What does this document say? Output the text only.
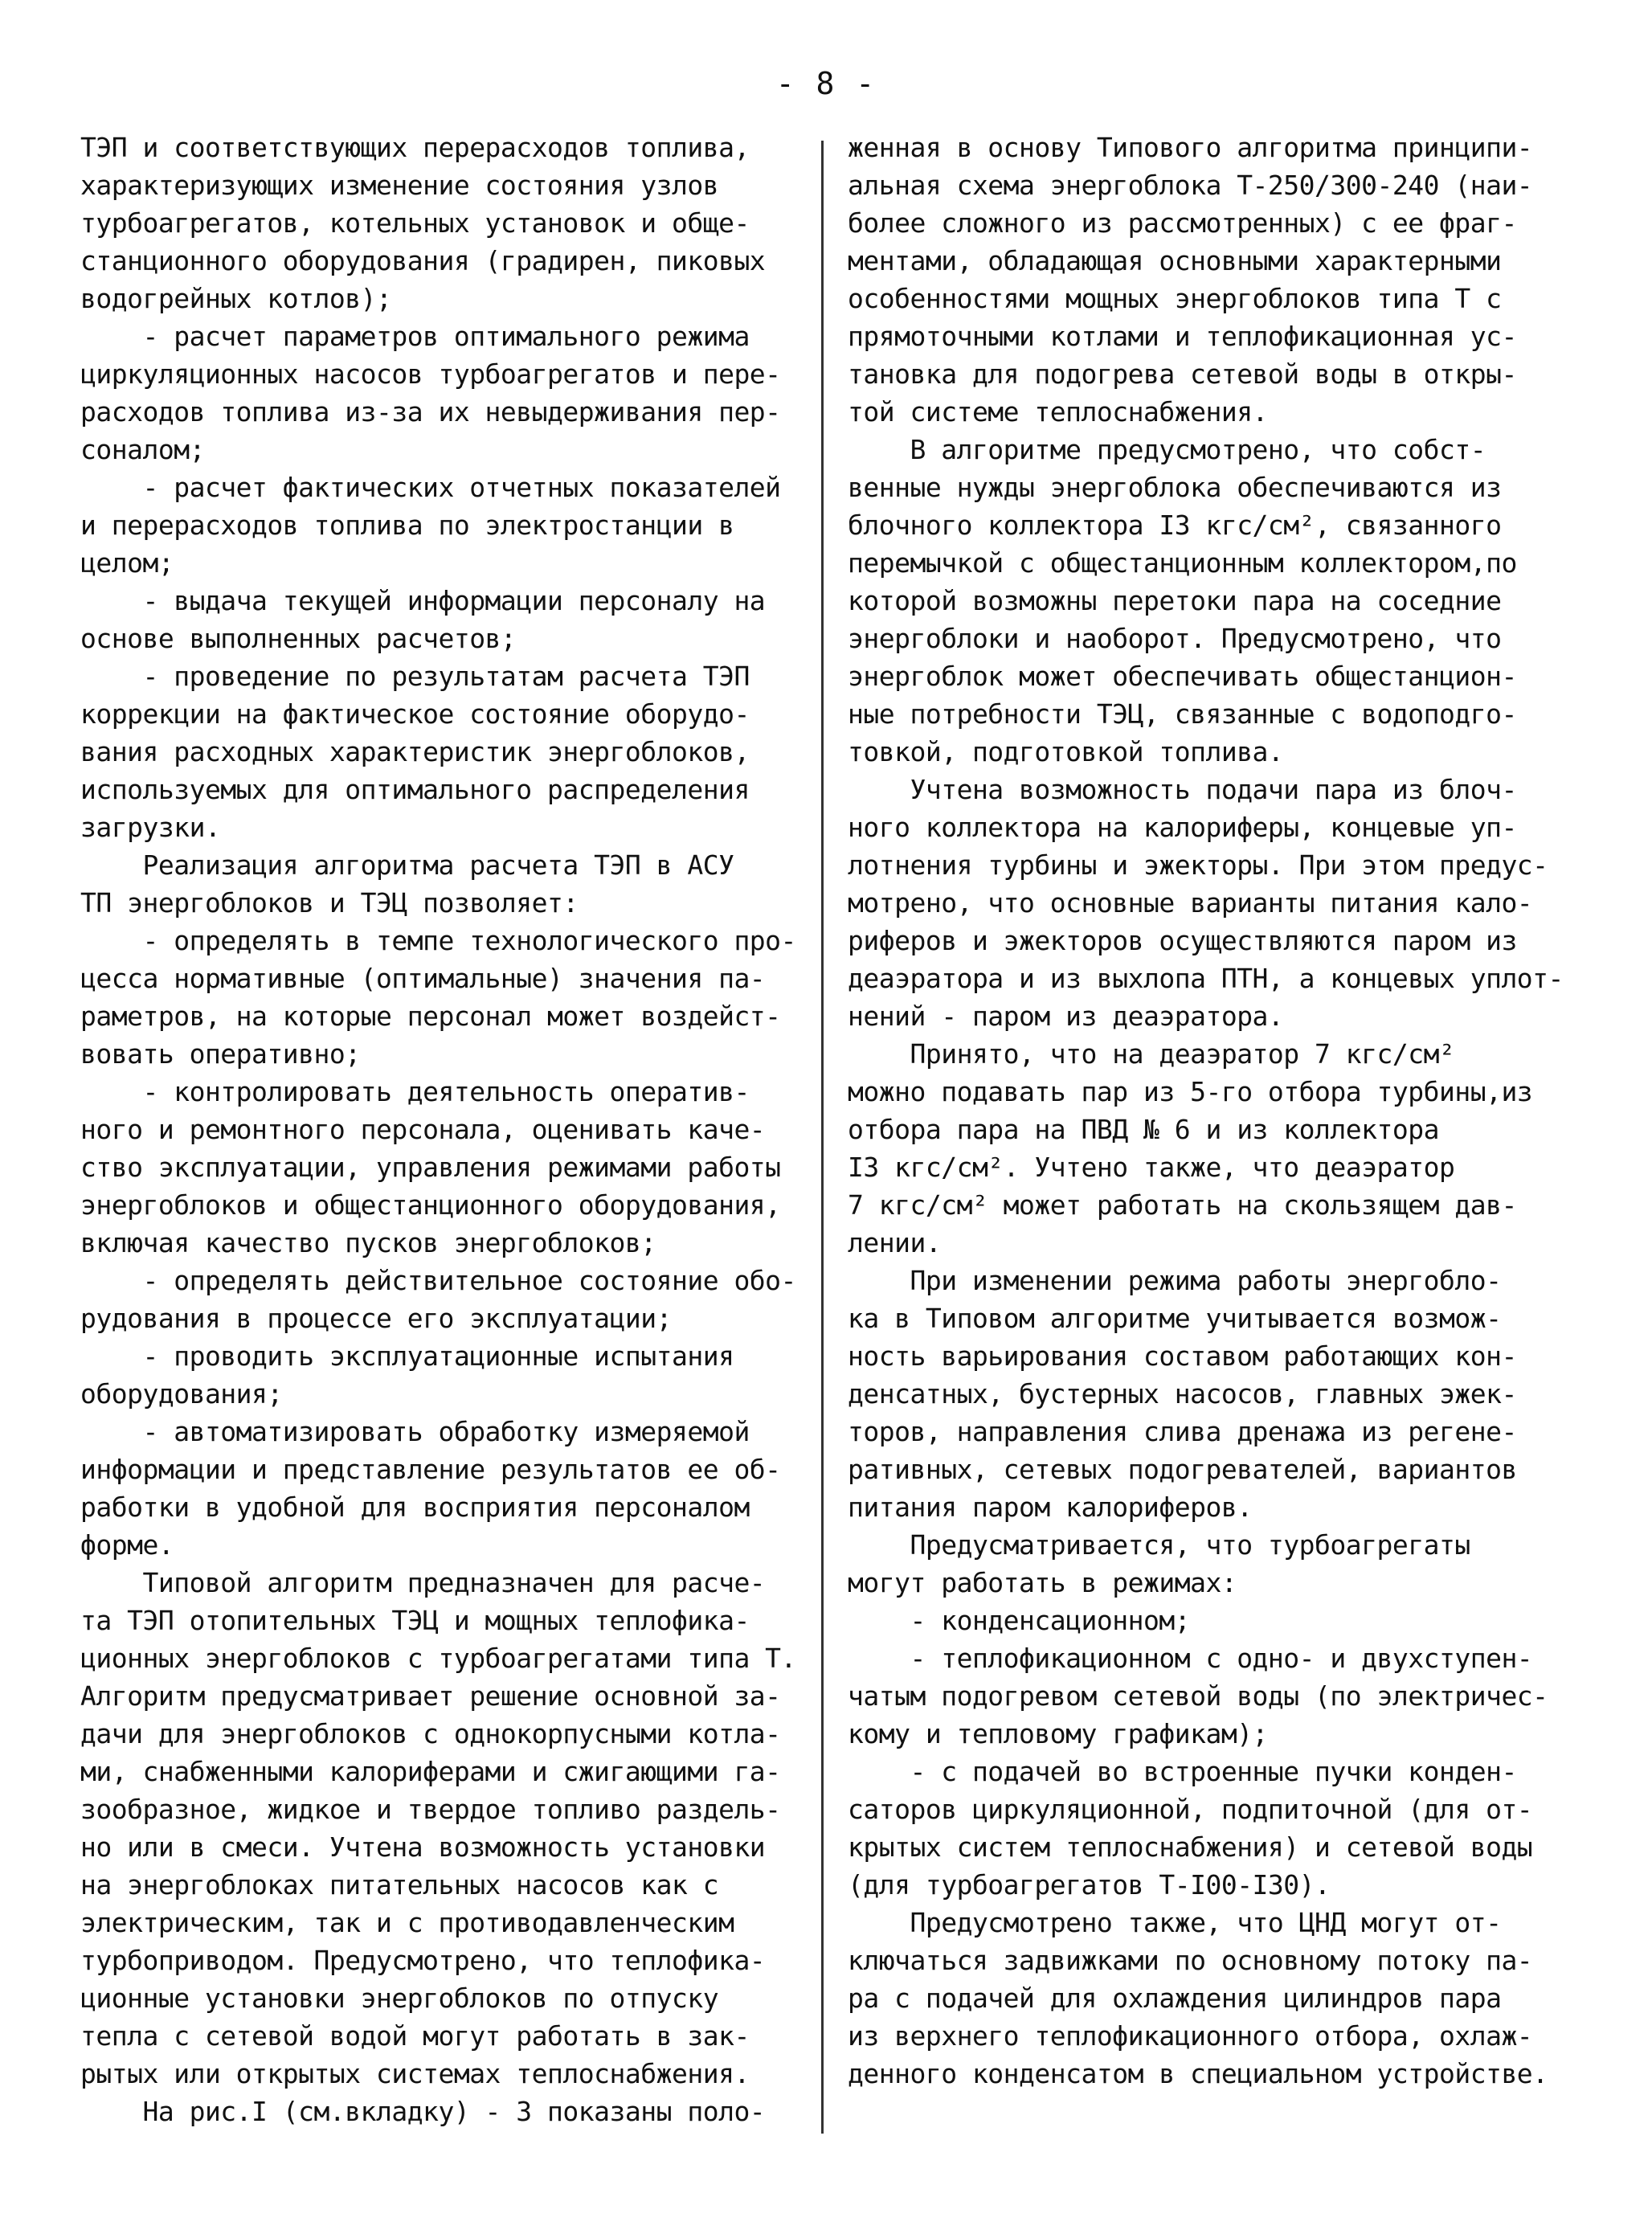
- 8 -
ТЭП и соответствующих перерасходов топлива,
характеризующих изменение состояния узлов
турбоагрегатов, котельных установок и обще-
станционного оборудования (градирен, пиковых
водогрейных котлов);
- расчет параметров оптимального режима
циркуляционных насосов турбоагрегатов и пере-
расходов топлива из-за их невыдерживания пер-
соналом;
- расчет фактических отчетных показателей
и перерасходов топлива по электростанции в
целом;
- выдача текущей информации персоналу на
основе выполненных расчетов;
- проведение по результатам расчета ТЭП
коррекции на фактическое состояние оборудо-
вания расходных характеристик энергоблоков,
используемых для оптимального распределения
загрузки.
Реализация алгоритма расчета ТЭП в АСУ
ТП энергоблоков и ТЭЦ позволяет:
- определять в темпе технологического про-
цесса нормативные (оптимальные) значения па-
раметров, на которые персонал может воздейст-
вовать оперативно;
- контролировать деятельность оператив-
ного и ремонтного персонала, оценивать каче-
ство эксплуатации, управления режимами работы
энергоблоков и общестанционного оборудования,
включая качество пусков энергоблоков;
- определять действительное состояние обо-
рудования в процессе его эксплуатации;
- проводить эксплуатационные испытания
оборудования;
- автоматизировать обработку измеряемой
информации и представление результатов ее об-
работки в удобной для восприятия персоналом
форме.
Типовой алгоритм предназначен для расче-
та ТЭП отопительных ТЭЦ и мощных теплофика-
ционных энергоблоков с турбоагрегатами типа Т.
Алгоритм предусматривает решение основной за-
дачи для энергоблоков с однокорпусными котла-
ми, снабженными калориферами и сжигающими га-
зообразное, жидкое и твердое топливо раздель-
но или в смеси. Учтена возможность установки
на энергоблоках питательных насосов как с
электрическим, так и с противодавленческим
турбоприводом. Предусмотрено, что теплофика-
ционные установки энергоблоков по отпуску
тепла с сетевой водой могут работать в зак-
рытых или открытых системах теплоснабжения.
На рис.I (см.вкладку) - 3 показаны поло-
женная в основу Типового алгоритма принципи-
альная схема энергоблока Т-250/300-240 (наи-
более сложного из рассмотренных) с ее фраг-
ментами, обладающая основными характерными
особенностями мощных энергоблоков типа Т с
прямоточными котлами и теплофикационная ус-
тановка для подогрева сетевой воды в откры-
той системе теплоснабжения.
В алгоритме предусмотрено, что собст-
венные нужды энергоблока обеспечиваются из
блочного коллектора I3 кгс/см², связанного
перемычкой с общестанционным коллектором,по
которой возможны перетоки пара на соседние
энергоблоки и наоборот. Предусмотрено, что
энергоблок может обеспечивать общестанцион-
ные потребности ТЭЦ, связанные с водоподго-
товкой, подготовкой топлива.
Учтена возможность подачи пара из блоч-
ного коллектора на калориферы, концевые уп-
лотнения турбины и эжекторы. При этом предус-
мотрено, что основные варианты питания кало-
риферов и эжекторов осуществляются паром из
деаэратора и из выхлопа ПТН, а концевых уплот-
нений - паром из деаэратора.
Принято, что на деаэратор 7 кгс/см²
можно подавать пар из 5-го отбора турбины,из
отбора пара на ПВД № 6 и из коллектора
I3 кгс/см². Учтено также, что деаэратор
7 кгс/см² может работать на скользящем дав-
лении.
При изменении режима работы энергобло-
ка в Типовом алгоритме учитывается возмож-
ность варьирования составом работающих кон-
денсатных, бустерных насосов, главных эжек-
торов, направления слива дренажа из регене-
ративных, сетевых подогревателей, вариантов
питания паром калориферов.
Предусматривается, что турбоагрегаты
могут работать в режимах:
- конденсационном;
- теплофикационном с одно- и двухступен-
чатым подогревом сетевой воды (по электричес-
кому и тепловому графикам);
- с подачей во встроенные пучки конден-
саторов циркуляционной, подпиточной (для от-
крытых систем теплоснабжения) и сетевой воды
(для турбоагрегатов Т-I00-I30).
Предусмотрено также, что ЦНД могут от-
ключаться задвижками по основному потоку па-
ра с подачей для охлаждения цилиндров пара
из верхнего теплофикационного отбора, охлаж-
денного конденсатом в специальном устройстве.
